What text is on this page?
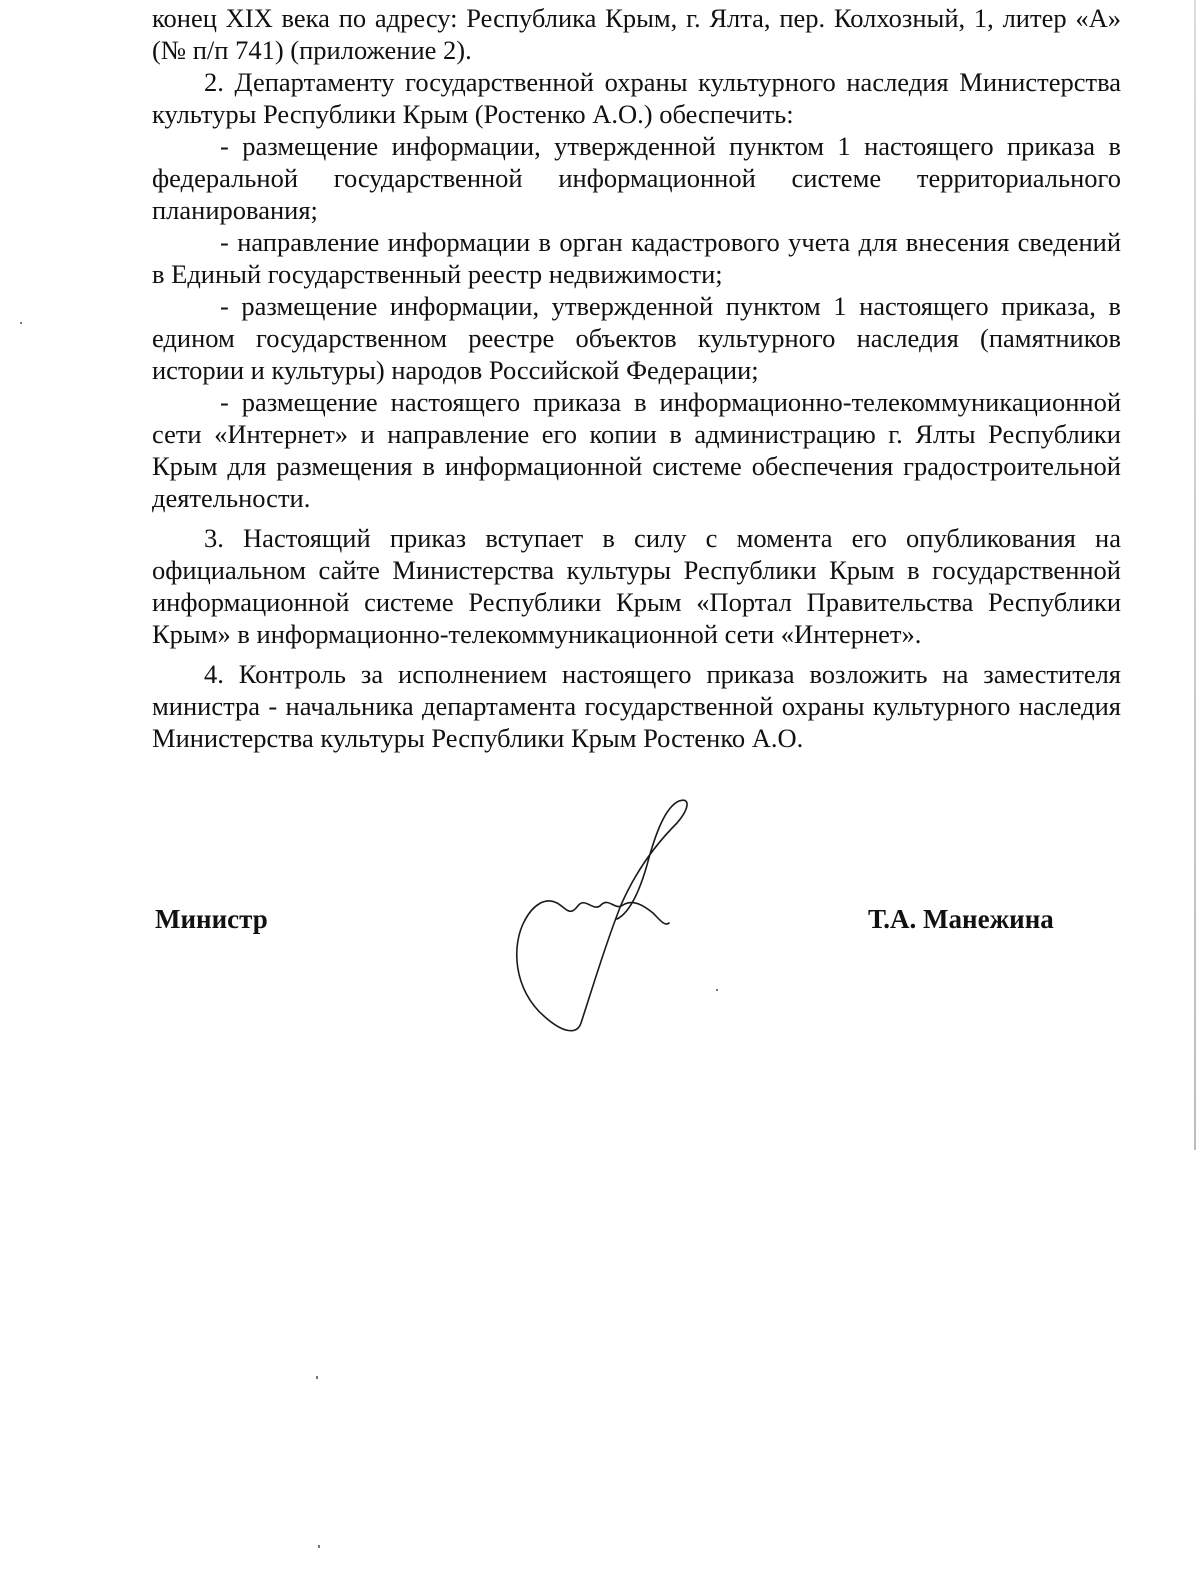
конец XIX века по адресу: Республика Крым, г. Ялта, пер. Колхозный, 1, литер «А» (№ п/п 741) (приложение 2).

2. Департаменту государственной охраны культурного наследия Министерства культуры Республики Крым (Ростенко А.О.) обеспечить:

- размещение информации, утвержденной пунктом 1 настоящего приказа в федеральной государственной информационной системе территориального планирования;

- направление информации в орган кадастрового учета для внесения сведений в Единый государственный реестр недвижимости;

- размещение информации, утвержденной пунктом 1 настоящего приказа, в едином государственном реестре объектов культурного наследия (памятников истории и культуры) народов Российской Федерации;

- размещение настоящего приказа в информационно-телекоммуникационной сети «Интернет» и направление его копии в администрацию г. Ялты Республики Крым для размещения в информационной системе обеспечения градостроительной деятельности.

3. Настоящий приказ вступает в силу с момента его опубликования на официальном сайте Министерства культуры Республики Крым в государственной информационной системе Республики Крым «Портал Правительства Республики Крым» в информационно-телекоммуникационной сети «Интернет».

4. Контроль за исполнением настоящего приказа возложить на заместителя министра - начальника департамента государственной охраны культурного наследия Министерства культуры Республики Крым Ростенко А.О.

Министр	Т.А. Манежина
